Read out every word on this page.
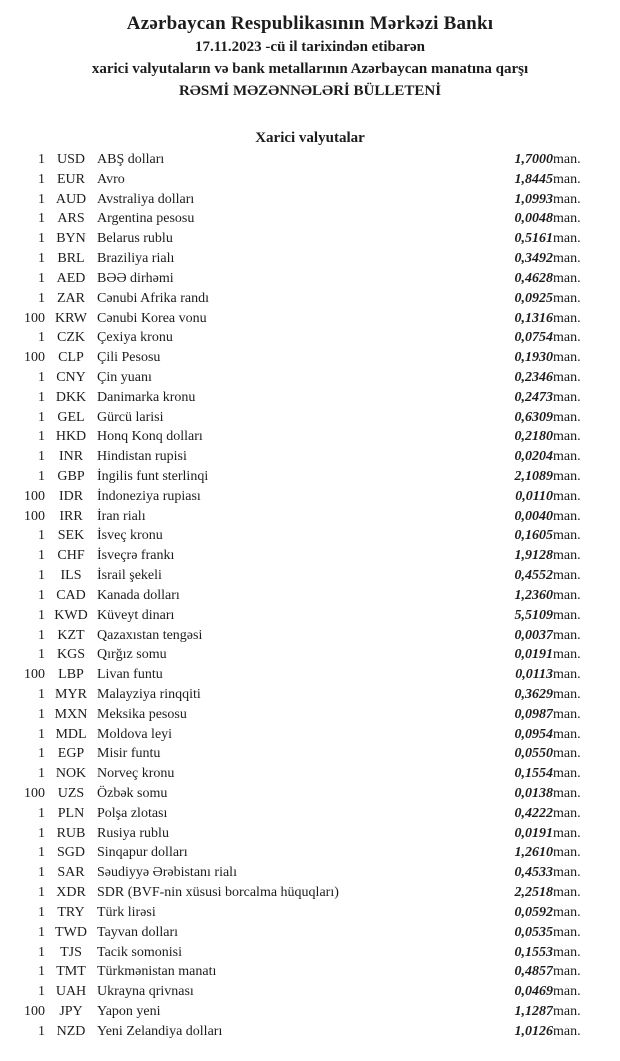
Azərbaycan Respublikasının Mərkəzi Bankı
17.11.2023 -cü il tarixindən etibarən
xarici valyutaların və bank metallarının Azərbaycan manatına qarşı
RƏSMİ MƏZƏNNƏLƏRİ BÜLLETENİ
Xarici valyutalar
1	USD	ABŞ dolları	1,7000	man.
1	EUR	Avro	1,8445	man.
1	AUD	Avstraliya dolları	1,0993	man.
1	ARS	Argentina pesosu	0,0048	man.
1	BYN	Belarus rublu	0,5161	man.
1	BRL	Braziliya rialı	0,3492	man.
1	AED	BƏƏ dirhəmi	0,4628	man.
1	ZAR	Cənubi Afrika randı	0,0925	man.
100	KRW	Cənubi Korea vonu	0,1316	man.
1	CZK	Çexiya kronu	0,0754	man.
100	CLP	Çili Pesosu	0,1930	man.
1	CNY	Çin yuanı	0,2346	man.
1	DKK	Danimarka kronu	0,2473	man.
1	GEL	Gürcü larisi	0,6309	man.
1	HKD	Honq Konq dolları	0,2180	man.
1	INR	Hindistan rupisi	0,0204	man.
1	GBP	İngilis funt sterlinqi	2,1089	man.
100	IDR	İndoneziya rupiası	0,0110	man.
100	IRR	İran rialı	0,0040	man.
1	SEK	İsveç kronu	0,1605	man.
1	CHF	İsveçrə frankı	1,9128	man.
1	ILS	İsrail şekeli	0,4552	man.
1	CAD	Kanada dolları	1,2360	man.
1	KWD	Küveyt dinarı	5,5109	man.
1	KZT	Qazaxıstan tengəsi	0,0037	man.
1	KGS	Qırğız somu	0,0191	man.
100	LBP	Livan funtu	0,0113	man.
1	MYR	Malayziya rinqqiti	0,3629	man.
1	MXN	Meksika pesosu	0,0987	man.
1	MDL	Moldova leyi	0,0954	man.
1	EGP	Misir funtu	0,0550	man.
1	NOK	Norveç kronu	0,1554	man.
100	UZS	Özbək somu	0,0138	man.
1	PLN	Polşa zlotası	0,4222	man.
1	RUB	Rusiya rublu	0,0191	man.
1	SGD	Sinqapur dolları	1,2610	man.
1	SAR	Səudiyyə Ərəbistanı rialı	0,4533	man.
1	XDR	SDR (BVF-nin xüsusi borcalma hüquqları)	2,2518	man.
1	TRY	Türk lirəsi	0,0592	man.
1	TWD	Tayvan dolları	0,0535	man.
1	TJS	Tacik somonisi	0,1553	man.
1	TMT	Türkmənistan manatı	0,4857	man.
1	UAH	Ukrayna qrivnası	0,0469	man.
100	JPY	Yapon yeni	1,1287	man.
1	NZD	Yeni Zelandiya dolları	1,0126	man.
